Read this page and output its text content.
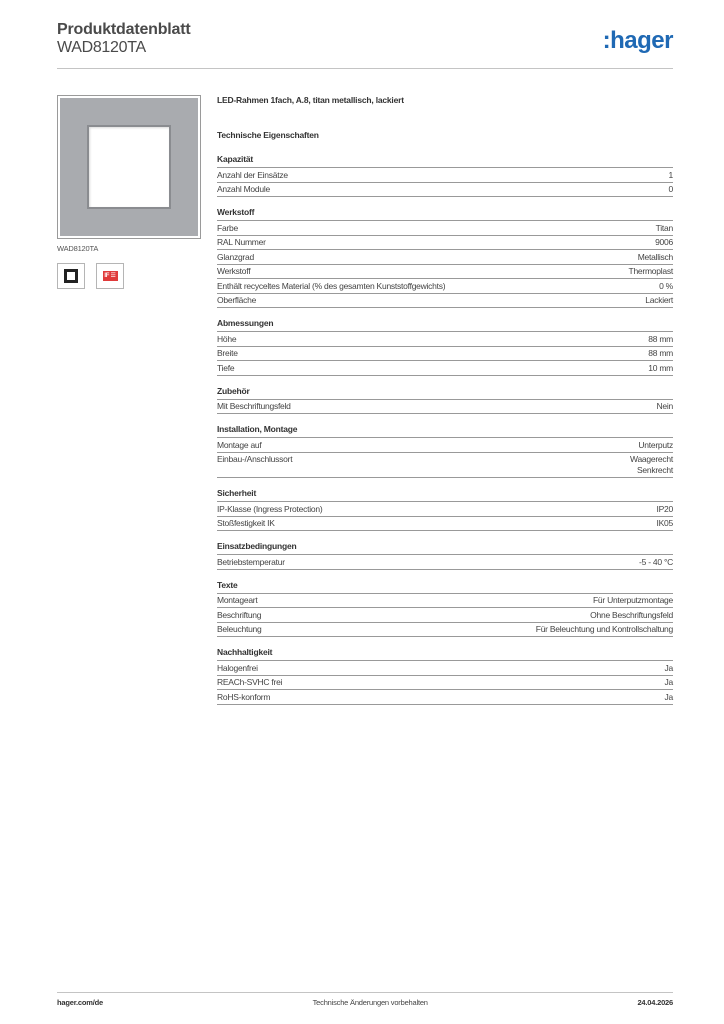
Produktdatenblatt
WAD8120TA	:hager
WAD8120TA
IF ☰
LED-Rahmen 1fach, A.8, titan metallisch, lackiert
Technische Eigenschaften
Kapazität
Anzahl der Einsätze	1
Anzahl Module	0
Werkstoff
Farbe	Titan
RAL Nummer	9006
Glanzgrad	Metallisch
Werkstoff	Thermoplast
Enthält recyceltes Material (% des gesamten Kunststoffgewichts)	0 %
Oberfläche	Lackiert
Abmessungen
Höhe	88 mm
Breite	88 mm
Tiefe	10 mm
Zubehör
Mit Beschriftungsfeld	Nein
Installation, Montage
Montage auf	Unterputz
Einbau-/Anschlussort	Waagerecht
Senkrecht
Sicherheit
IP-Klasse (Ingress Protection)	IP20
Stoßfestigkeit IK	IK05
Einsatzbedingungen
Betriebstemperatur	-5 - 40 °C
Texte
Montageart	Für Unterputzmontage
Beschriftung	Ohne Beschriftungsfeld
Beleuchtung	Für Beleuchtung und Kontrollschaltung
Nachhaltigkeit
Halogenfrei	Ja
REACh-SVHC frei	Ja
RoHS-konform	Ja
hager.com/de	Technische Änderungen vorbehalten	24.04.2026
